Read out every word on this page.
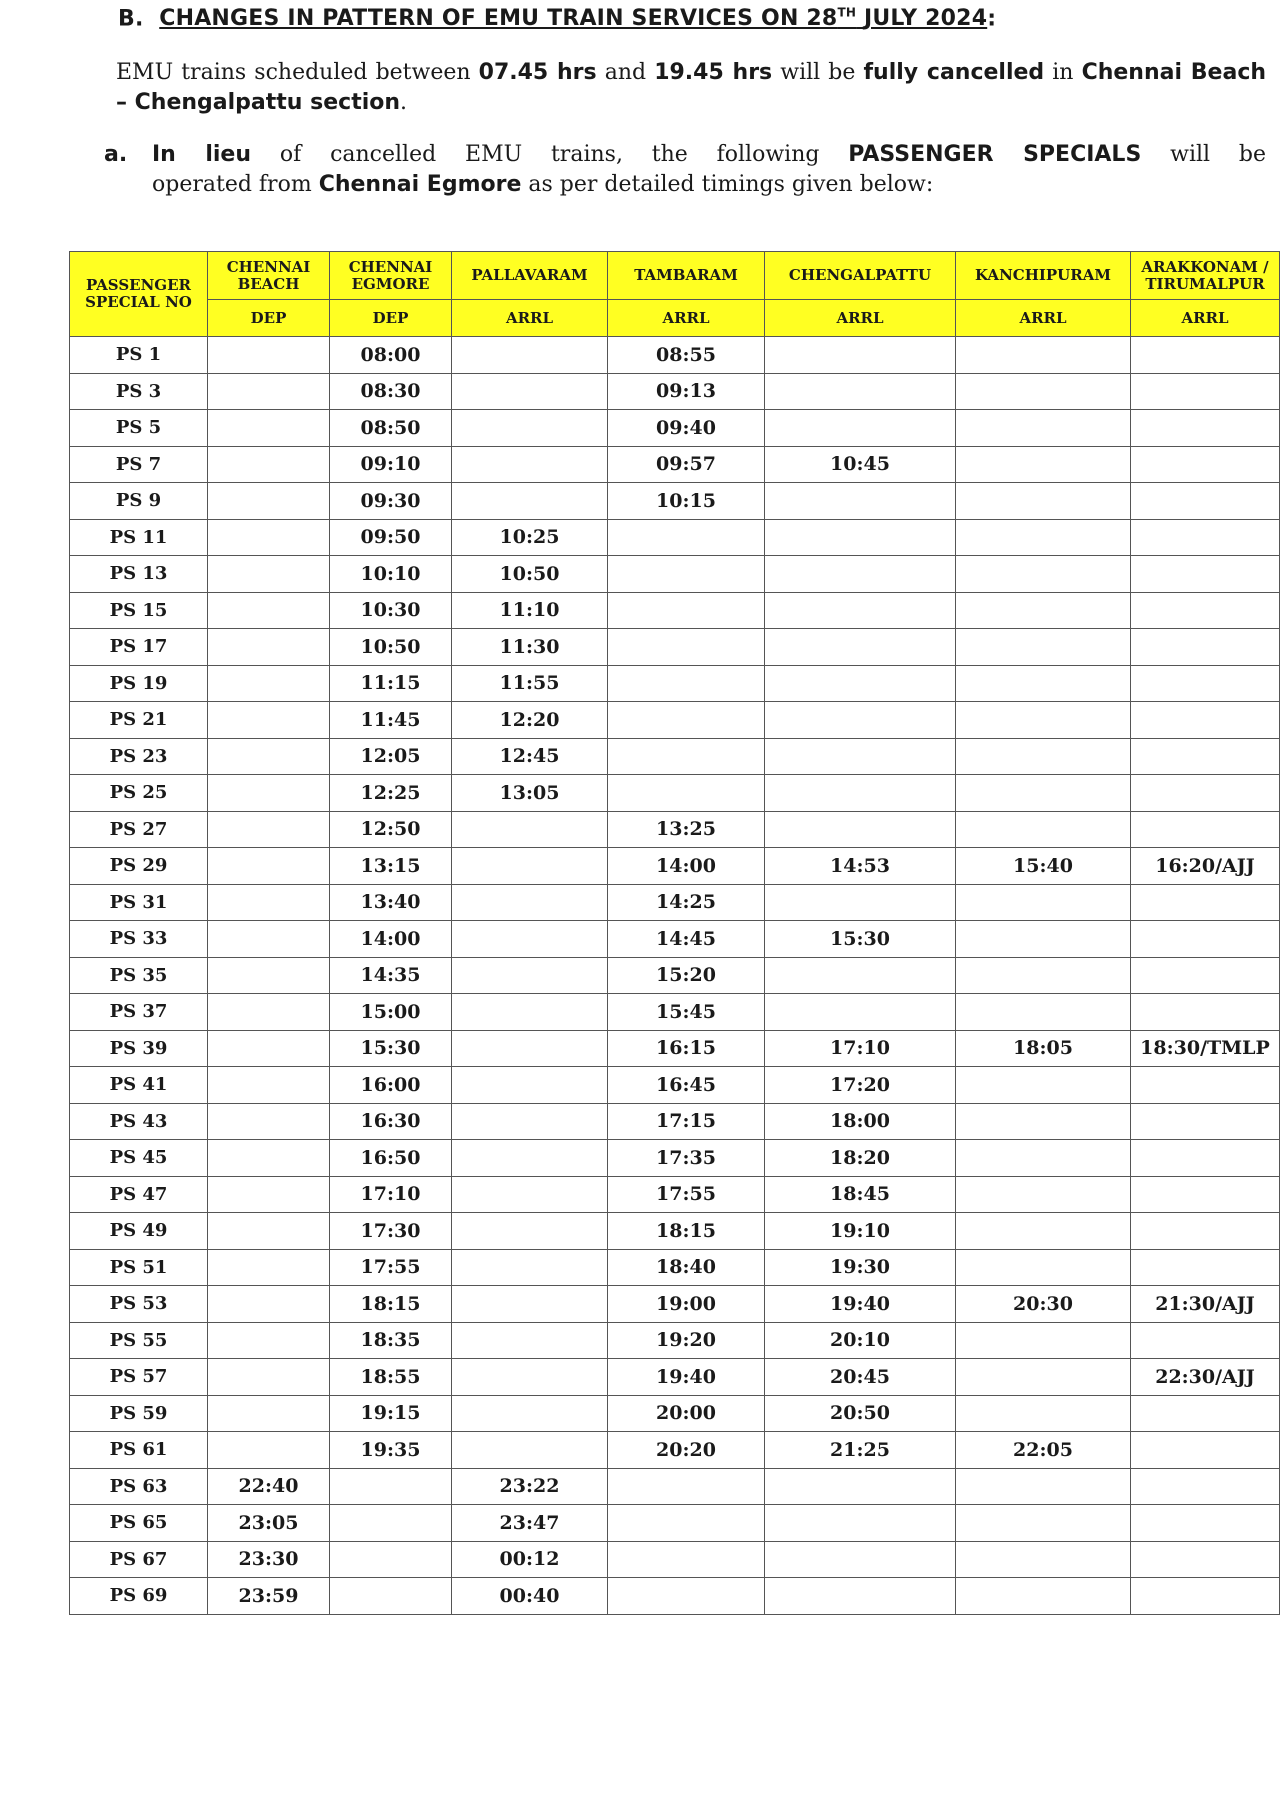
B. CHANGES IN PATTERN OF EMU TRAIN SERVICES ON 28TH JULY 2024:
EMU trains scheduled between 07.45 hrs and 19.45 hrs will be fully cancelled in Chennai Beach – Chengalpattu section.
a. In lieu of cancelled EMU trains, the following PASSENGER SPECIALS will be
operated from Chennai Egmore as per detailed timings given below:
PASSENGER SPECIAL NO	CHENNAI BEACH	CHENNAI EGMORE	PALLAVARAM	TAMBARAM	CHENGALPATTU	KANCHIPURAM	ARAKKONAM / TIRUMALPUR
	DEP	DEP	ARRL	ARRL	ARRL	ARRL	ARRL
PS 1		08:00		08:55			
PS 3		08:30		09:13			
PS 5		08:50		09:40			
PS 7		09:10		09:57	10:45		
PS 9		09:30		10:15			
PS 11		09:50	10:25				
PS 13		10:10	10:50				
PS 15		10:30	11:10				
PS 17		10:50	11:30				
PS 19		11:15	11:55				
PS 21		11:45	12:20				
PS 23		12:05	12:45				
PS 25		12:25	13:05				
PS 27		12:50		13:25			
PS 29		13:15		14:00	14:53	15:40	16:20/AJJ
PS 31		13:40		14:25			
PS 33		14:00		14:45	15:30		
PS 35		14:35		15:20			
PS 37		15:00		15:45			
PS 39		15:30		16:15	17:10	18:05	18:30/TMLP
PS 41		16:00		16:45	17:20		
PS 43		16:30		17:15	18:00		
PS 45		16:50		17:35	18:20		
PS 47		17:10		17:55	18:45		
PS 49		17:30		18:15	19:10		
PS 51		17:55		18:40	19:30		
PS 53		18:15		19:00	19:40	20:30	21:30/AJJ
PS 55		18:35		19:20	20:10		
PS 57		18:55		19:40	20:45		22:30/AJJ
PS 59		19:15		20:00	20:50		
PS 61		19:35		20:20	21:25	22:05	
PS 63	22:40		23:22				
PS 65	23:05		23:47				
PS 67	23:30		00:12				
PS 69	23:59		00:40				
